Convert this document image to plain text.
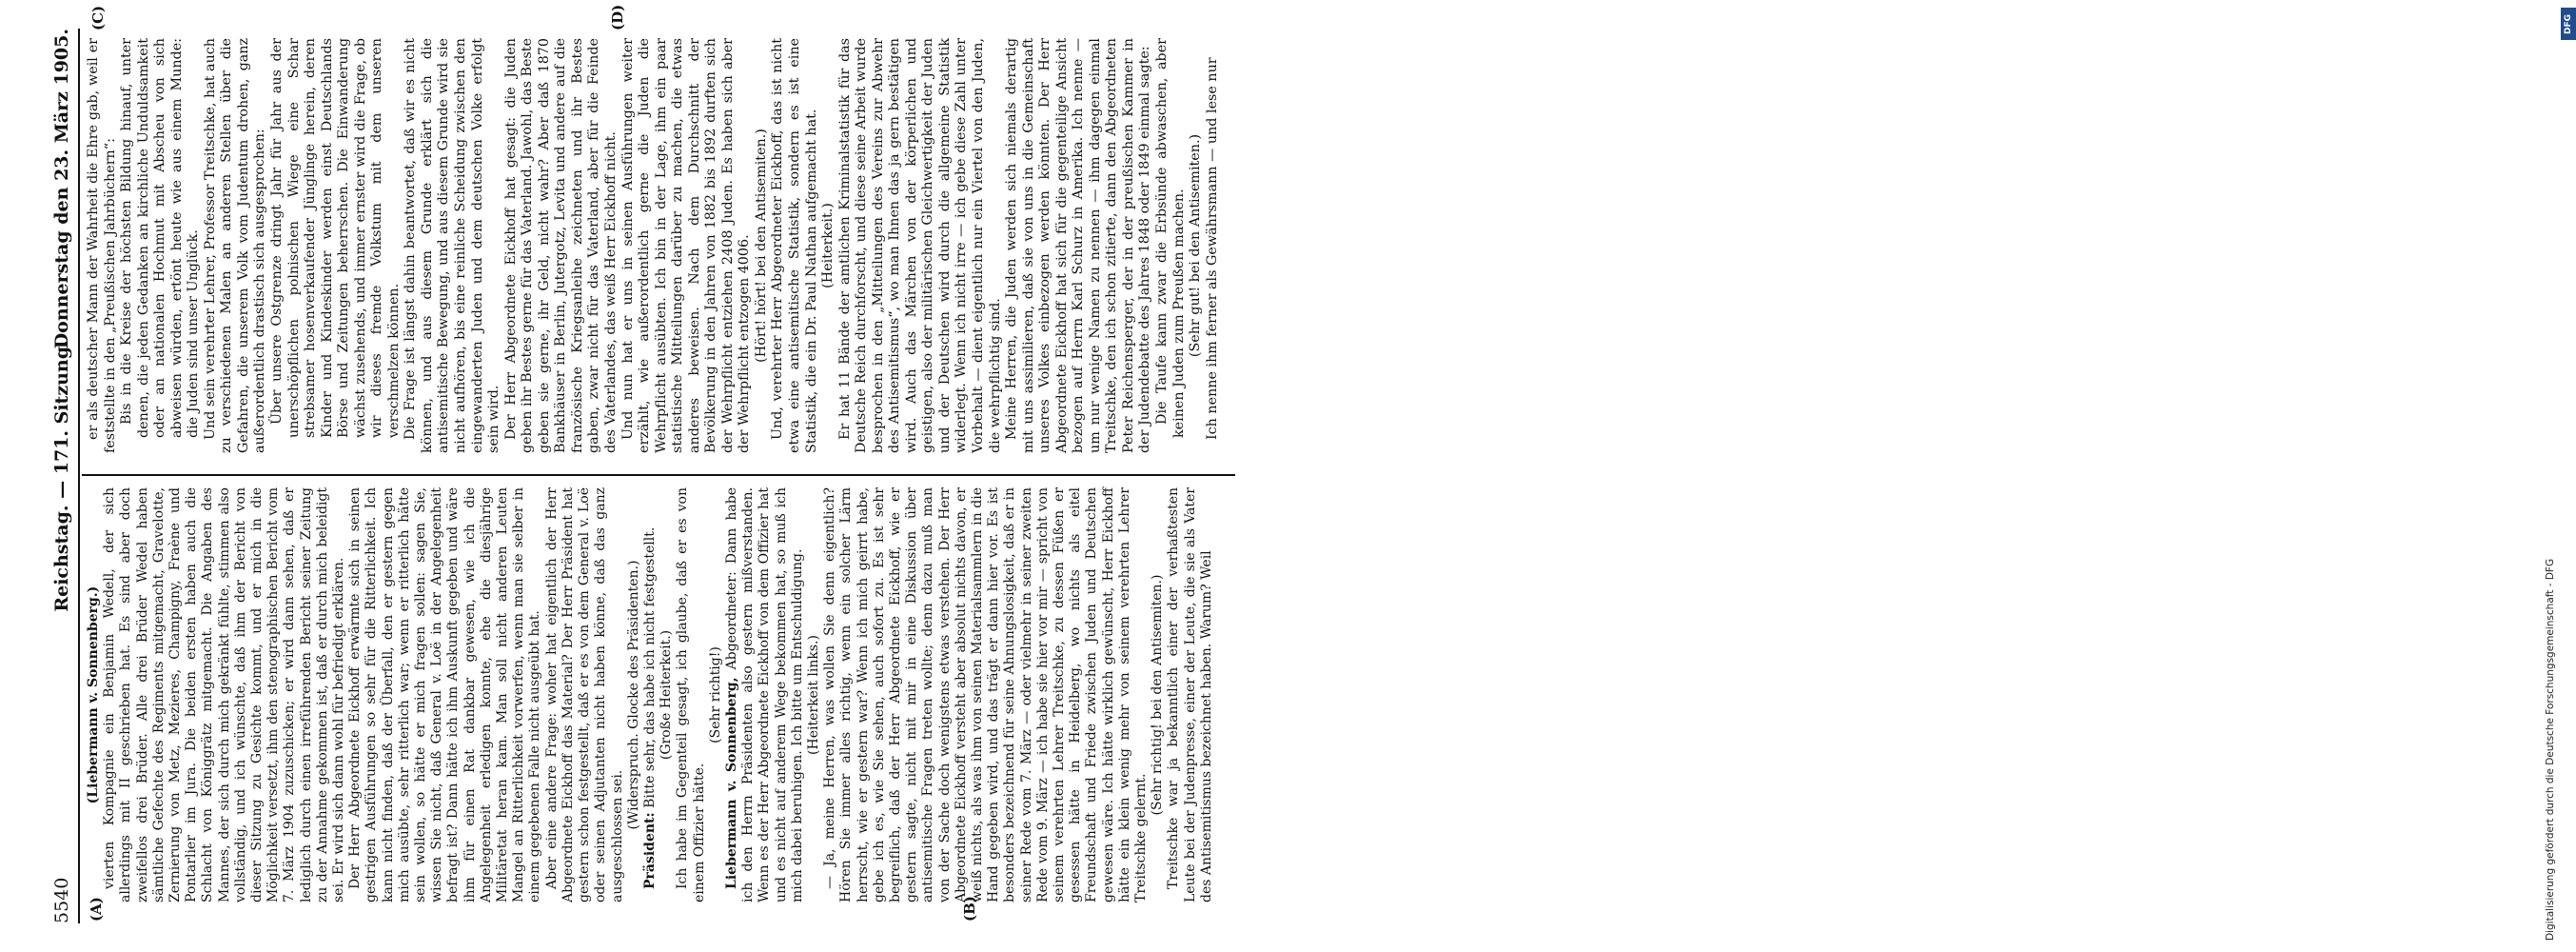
5540
Reichstag. — 171. Sitzung.
Donnerstag den 23. März 1905.
(A)	(B)
(C)	(D)

(Liebermann v. Sonnenberg.) vierten Kompagnie ein Benjamin Wedell, der sich allerdings mit II geschrieben hat. Es sind aber doch zweifellos drei Brüder. Alle drei Brüder Wedel haben sämtliche Gefechte des Regiments mitgemacht, Gravelotte, Zernierung von Metz, Mezieres, Champigny, Fraène und Pontarlier im Jura. Die beiden ersten haben auch die Schlacht von Königgrätz mitgemacht. Die Angaben des Mannes, der sich durch mich gekränkt fühlte, stimmen also vollständig, und ich wünschte, daß ihm der Bericht von dieser Sitzung zu Gesichte kommt, und er mich in die Möglichkeit versetzt, ihm den stenographischen Bericht vom 7. März 1904 zuzuschicken; er wird dann sehen, daß er lediglich durch einen irreführenden Bericht seiner Zeitung zu der Annahme gekommen ist, daß er durch mich beleidigt sei. Er wird sich dann wohl für befriedigt erklären. Der Herr Abgeordnete Eickhoff erwärmte sich in seinen gestrigen Ausführungen so sehr für die Ritterlichkeit. Ich kann nicht finden, daß der Überfall, den er gestern gegen mich ausübte, sehr ritterlich war; wenn er ritterlich hätte sein wollen, so hätte er mich fragen sollen: sagen Sie, wissen Sie nicht, daß General v. Loë in der Angelegenheit befragt ist? Dann hätte ich ihm Auskunft gegeben und wäre ihm für einen Rat dankbar gewesen, wie ich die Angelegenheit erledigen konnte, ehe die diesjährige Militäretat heran kam. Man soll nicht anderen Leuten Mangel an Ritterlichkeit vorwerfen, wenn man sie selber in einem gegebenen Falle nicht ausgeübt hat. Aber eine andere Frage: woher hat eigentlich der Herr Abgeordnete Eickhoff das Material? Der Herr Präsident hat gestern schon festgestellt, daß er es von dem General v. Loë oder seinen Adjutanten nicht haben könne, daß das ganz ausgeschlossen sei.

(Widerspruch. Glocke des Präsidenten.)

Präsident: Bitte sehr, das habe ich nicht festgestellt. (Große Heiterkeit.) Ich habe im Gegenteil gesagt, ich glaube, daß er es von einem Offizier hätte.

(Sehr richtig!) Liebermann v. Sonnenberg, Abgeordneter: Dann habe ich den Herrn Präsidenten also gestern mißverstanden. Wenn es der Herr Abgeordnete Eickhoff von dem Offizier hat und es nicht auf anderem Wege bekommen hat, so muß ich mich dabei beruhigen. Ich bitte um Entschuldigung. (Heiterkeit links.) — Ja, meine Herren, was wollen Sie denn eigentlich? Hören Sie immer alles richtig, wenn ein solcher Lärm herrscht, wie er gestern war? Wenn ich mich geirrt habe, gebe ich es, wie Sie sehen, auch sofort zu. Es ist sehr begreiflich, daß der Herr Abgeordnete Eickhoff, wie er gestern sagte, nicht mit mir in eine Diskussion über antisemitische Fragen treten wollte; denn dazu muß man von der Sache doch wenigstens etwas verstehen. Der Herr Abgeordnete Eickhoff versteht aber absolut nichts davon, er weiß nichts, als was ihm von seinen Materialsammlern in die Hand gegeben wird, und das trägt er dann hier vor. Es ist besonders bezeichnend für seine Ahnungslosigkeit, daß er in seiner Rede vom 7. März — oder vielmehr in seiner zweiten Rede vom 9. März — ich habe sie hier vor mir — spricht von seinem verehrten Lehrer Treitschke, zu dessen Füßen er gesessen hätte in Heidelberg, wo nichts als eitel Freundschaft und Friede zwischen Juden und Deutschen gewesen wäre. Ich hätte wirklich gewünscht, Herr Eickhoff hätte ein klein wenig mehr von seinem verehrten Lehrer Treitschke gelernt.

(Sehr richtig! bei den Antisemiten.) Treitschke war ja bekanntlich einer der verhaßtesten Leute bei der Judenpresse, einer der Leute, die sie als Vater des Antisemitismus bezeichnet haben. Warum? Weil

er als deutscher Mann der Wahrheit die Ehre gab, weil er feststellte in den „Preußischen Jahrbüchern“: Bis in die Kreise der höchsten Bildung hinauf, unter denen, die jeden Gedanken an kirchliche Unduldsamkeit oder an nationalen Hochmut mit Abscheu von sich abweisen würden, ertönt heute wie aus einem Munde: die Juden sind unser Unglück. Und sein verehrter Lehrer, Professor Treitschke, hat auch zu verschiedenen Malen an anderen Stellen über die Gefahren, die unserem Volk vom Judentum drohen, ganz außerordentlich drastisch sich ausgesprochen: Über unsere Ostgrenze dringt Jahr für Jahr aus der unerschöpflichen polnischen Wiege eine Schar strebsamer hosenverkaufender Jünglinge herein, deren Kinder und Kindeskinder werden einst Deutschlands Börse und Zeitungen beherrschen. Die Einwanderung wächst zusehends, und immer ernster wird die Frage, ob wir dieses fremde Volkstum mit dem unseren verschmelzen können. Die Frage ist längst dahin beantwortet, daß wir es nicht können, und aus diesem Grunde erklärt sich die antisemitische Bewegung, und aus diesem Grunde wird sie nicht aufhören, bis eine reinliche Scheidung zwischen den eingewanderten Juden und dem deutschen Volke erfolgt sein wird. Der Herr Abgeordnete Eickhoff hat gesagt: die Juden geben ihr Bestes gerne für das Vaterland. Jawohl, das Beste geben sie gerne, ihr Geld, nicht wahr? Aber daß 1870 Bankhäuser in Berlin, Jutergotz, Levita und andere auf die französische Kriegsanleihe zeichneten und ihr Bestes gaben, zwar nicht für das Vaterland, aber für die Feinde des Vaterlandes, das weiß Herr Eickhoff nicht. Und nun hat er uns in seinen Ausführungen weiter erzählt, wie außerordentlich gerne die Juden die Wehrpflicht ausübten. Ich bin in der Lage, ihm ein paar statistische Mitteilungen darüber zu machen, die etwas anderes beweisen. Nach dem Durchschnitt der Bevölkerung in den Jahren von 1882 bis 1892 durften sich der Wehrpflicht entziehen 2408 Juden. Es haben sich aber der Wehrpflicht entzogen 4006. (Hört! hört! bei den Antisemiten.) Und, verehrter Herr Abgeordneter Eickhoff, das ist nicht etwa eine antisemitische Statistik, sondern es ist eine Statistik, die ein Dr. Paul Nathan aufgemacht hat. (Heiterkeit.) Er hat 11 Bände der amtlichen Kriminalstatistik für das Deutsche Reich durchforscht, und diese seine Arbeit wurde besprochen in den „Mitteilungen des Vereins zur Abwehr des Antisemitismus“, wo man Ihnen das ja gern bestätigen wird. Auch das Märchen von der körperlichen und geistigen, also der militärischen Gleichwertigkeit der Juden und der Deutschen wird durch die allgemeine Statistik widerlegt. Wenn ich nicht irre — ich gebe diese Zahl unter Vorbehalt — dient eigentlich nur ein Viertel von den Juden, die wehrpflichtig sind. Meine Herren, die Juden werden sich niemals derartig mit uns assimilieren, daß sie von uns in die Gemeinschaft unseres Volkes einbezogen werden könnten. Der Herr Abgeordnete Eickhoff hat sich für die gegenteilige Ansicht bezogen auf Herrn Karl Schurz in Amerika. Ich nenne — um nur wenige Namen zu nennen — ihm dagegen einmal Treitschke, den ich schon zitierte, dann den Abgeordneten Peter Reichensperger, der in der preußischen Kammer in der Judendebatte des Jahres 1848 oder 1849 einmal sagte: Die Taufe kann zwar die Erbsünde abwaschen, aber keinen Juden zum Preußen machen. (Sehr gut! bei den Antisemiten.) Ich nenne ihm ferner als Gewährsmann — und lese nur

DFG
Digitalisierung gefördert durch die Deutsche Forschungsgemeinschaft - DFG
